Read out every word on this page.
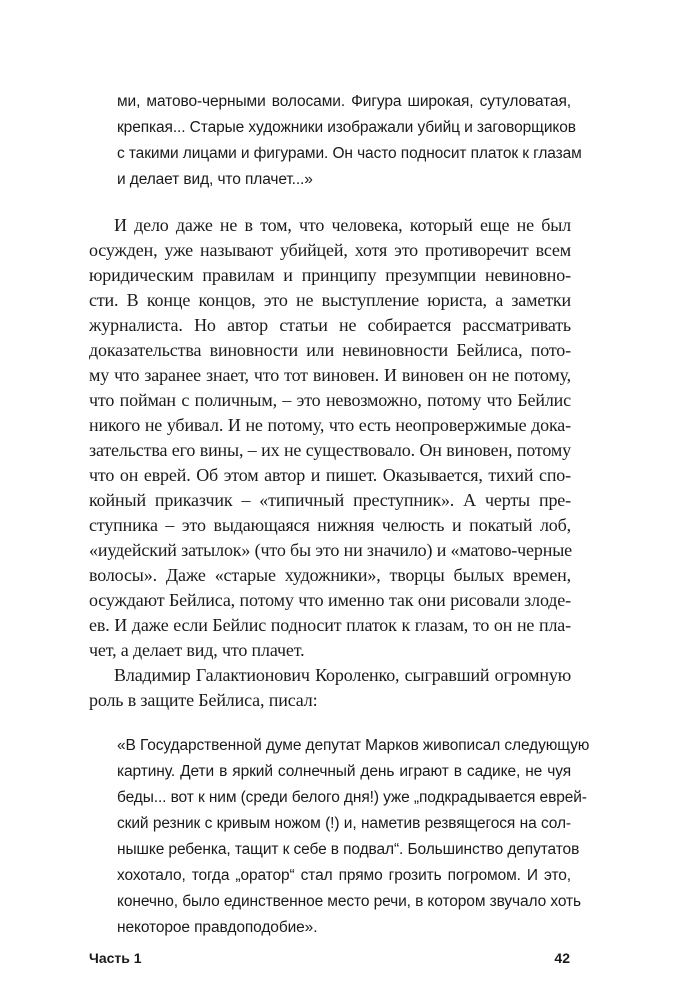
ми, матово-черными волосами. Фигура широкая, сутуловатая,

крепкая... Старые художники изображали убийц и заговорщиков

с такими лицами и фигурами. Он часто подносит платок к глазам

и делает вид, что плачет...»

И дело даже не в том, что человека, который еще не был

осужден, уже называют убийцей, хотя это противоречит всем

юридическим правилам и принципу презумпции невиновно-

сти. В конце концов, это не выступление юриста, а заметки

журналиста. Но автор статьи не собирается рассматривать

доказательства виновности или невиновности Бейлиса, пото-

му что заранее знает, что тот виновен. И виновен он не потому,

что пойман с поличным, – это невозможно, потому что Бейлис

никого не убивал. И не потому, что есть неопровержимые дока-

зательства его вины, – их не существовало. Он виновен, потому

что он еврей. Об этом автор и пишет. Оказывается, тихий спо-

койный приказчик – «типичный преступник». А черты пре-

ступника – это выдающаяся нижняя челюсть и покатый лоб,

«иудейский затылок» (что бы это ни значило) и «матово-черные

волосы». Даже «старые художники», творцы былых времен,

осуждают Бейлиса, потому что именно так они рисовали злоде-

ев. И даже если Бейлис подносит платок к глазам, то он не пла-

чет, а делает вид, что плачет.

Владимир Галактионович Короленко, сыгравший огромную

роль в защите Бейлиса, писал:

«В Государственной думе депутат Марков живописал следующую

картину. Дети в яркий солнечный день играют в садике, не чуя

беды... вот к ним (среди белого дня!) уже „подкрадывается еврей-

ский резник с кривым ножом (!) и, наметив резвящегося на сол-

нышке ребенка, тащит к себе в подвал“. Большинство депутатов

хохотало, тогда „оратор“ стал прямо грозить погромом. И это,

конечно, было единственное место речи, в котором звучало хоть

некоторое правдоподобие».

Часть 1	42
